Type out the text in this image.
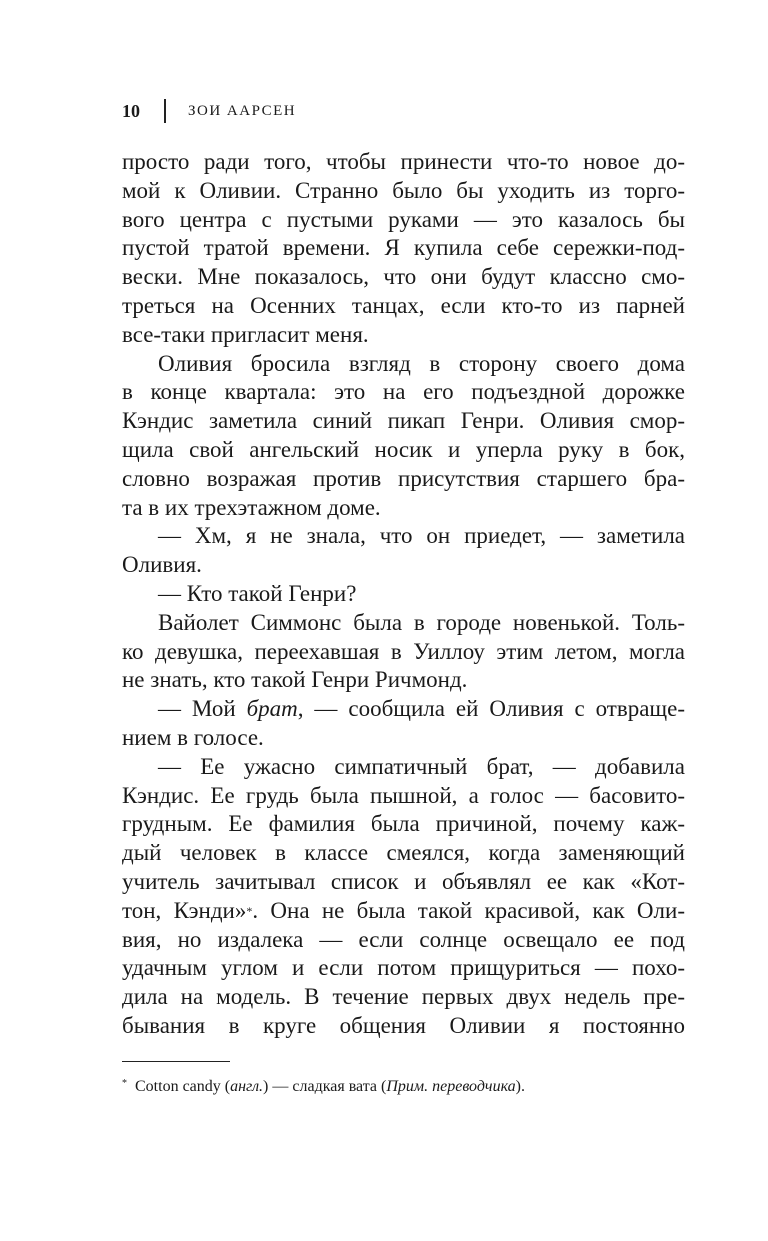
10	ЗОИ ААРСЕН
просто ради того, чтобы принести что-то новое до-
мой к Оливии. Странно было бы уходить из торго-
вого центра с пустыми руками — это казалось бы
пустой тратой времени. Я купила себе сережки-под-
вески. Мне показалось, что они будут классно смо-
треться на Осенних танцах, если кто-то из парней
все-таки пригласит меня.
Оливия бросила взгляд в сторону своего дома
в конце квартала: это на его подъездной дорожке
Кэндис заметила синий пикап Генри. Оливия смор-
щила свой ангельский носик и уперла руку в бок,
словно возражая против присутствия старшего бра-
та в их трехэтажном доме.
— Хм, я не знала, что он приедет, — заметила
Оливия.
— Кто такой Генри?
Вайолет Симмонс была в городе новенькой. Толь-
ко девушка, переехавшая в Уиллоу этим летом, могла
не знать, кто такой Генри Ричмонд.
— Мой брат, — сообщила ей Оливия с отвраще-
нием в голосе.
— Ее ужасно симпатичный брат, — добавила
Кэндис. Ее грудь была пышной, а голос — басовито-
грудным. Ее фамилия была причиной, почему каж-
дый человек в классе смеялся, когда заменяющий
учитель зачитывал список и объявлял ее как «Кот-
тон, Кэнди»*. Она не была такой красивой, как Оли-
вия, но издалека — если солнце освещало ее под
удачным углом и если потом прищуриться — похо-
дила на модель. В течение первых двух недель пре-
бывания в круге общения Оливии я постоянно
* Cotton candy (англ.) — сладкая вата (Прим. переводчика).
